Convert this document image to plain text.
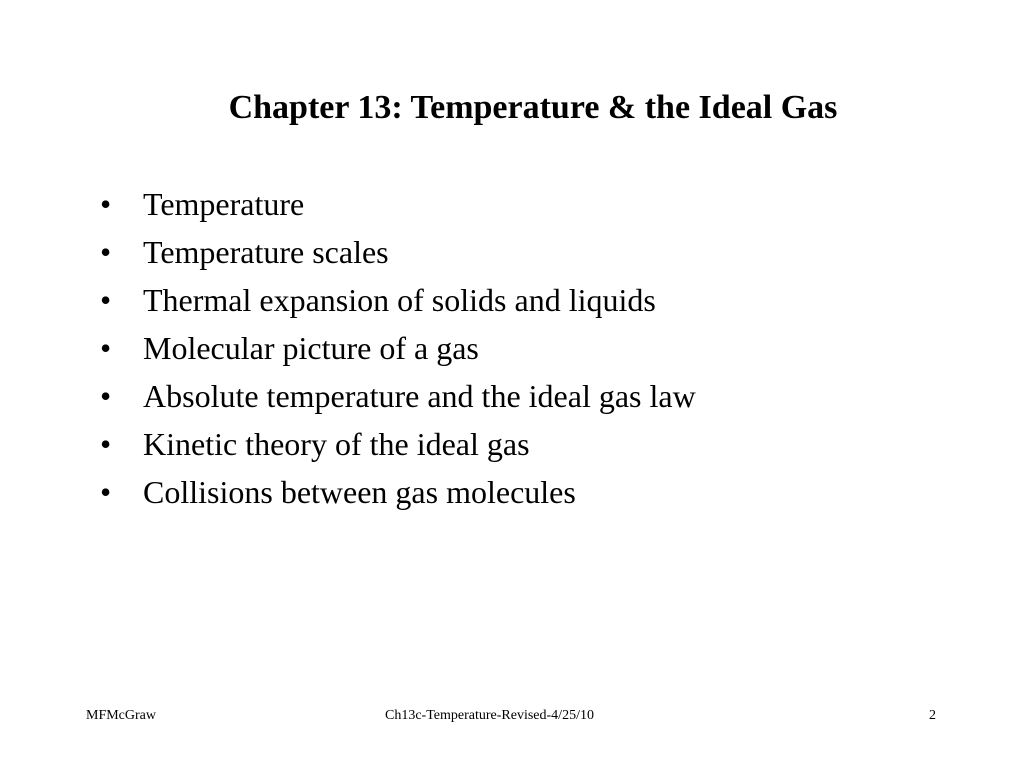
Chapter 13: Temperature & the Ideal Gas
• Temperature
• Temperature scales
• Thermal expansion of solids and liquids
• Molecular picture of a gas
• Absolute temperature and the ideal gas law
• Kinetic theory of the ideal gas
• Collisions between gas molecules
MFMcGraw	Ch13c-Temperature-Revised-4/25/10	2
